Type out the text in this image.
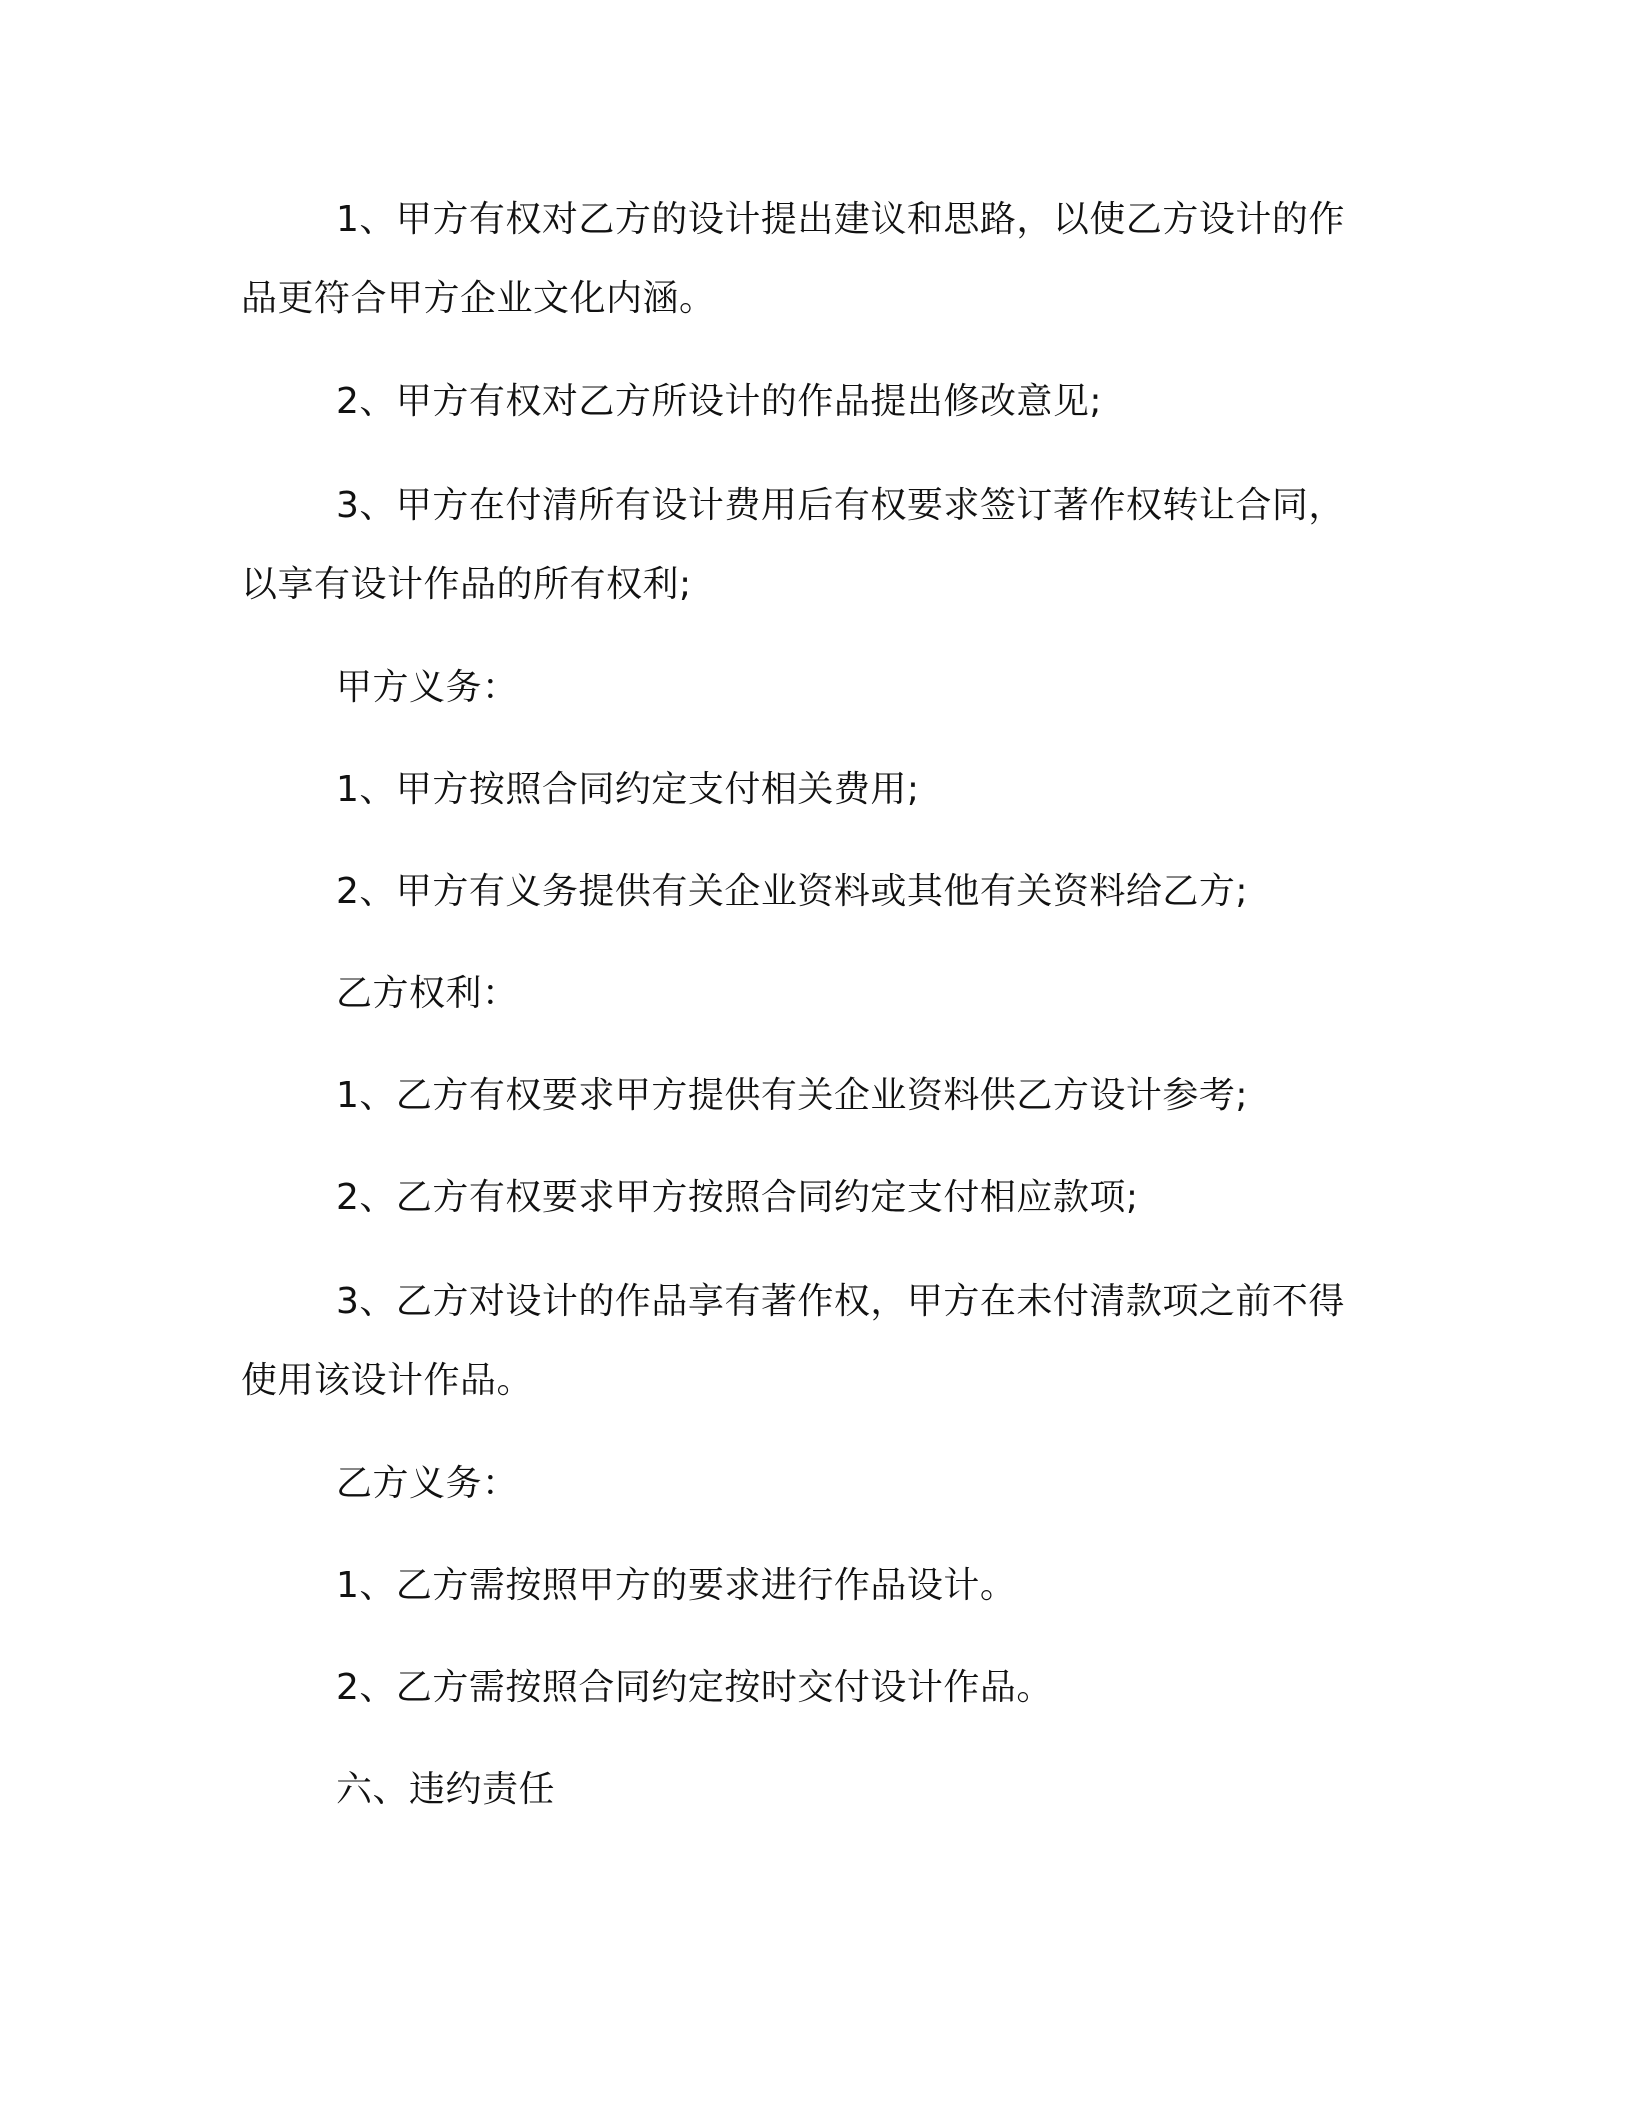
1、甲方有权对乙方的设计提出建议和思路，以使乙方设计的作品更符合甲方企业文化内涵。

2、甲方有权对乙方所设计的作品提出修改意见;

3、甲方在付清所有设计费用后有权要求签订著作权转让合同，以享有设计作品的所有权利;

甲方义务：

1、甲方按照合同约定支付相关费用;

2、甲方有义务提供有关企业资料或其他有关资料给乙方;

乙方权利：

1、乙方有权要求甲方提供有关企业资料供乙方设计参考;

2、乙方有权要求甲方按照合同约定支付相应款项;

3、乙方对设计的作品享有著作权，甲方在未付清款项之前不得使用该设计作品。

乙方义务：

1、乙方需按照甲方的要求进行作品设计。

2、乙方需按照合同约定按时交付设计作品。

六、违约责任
